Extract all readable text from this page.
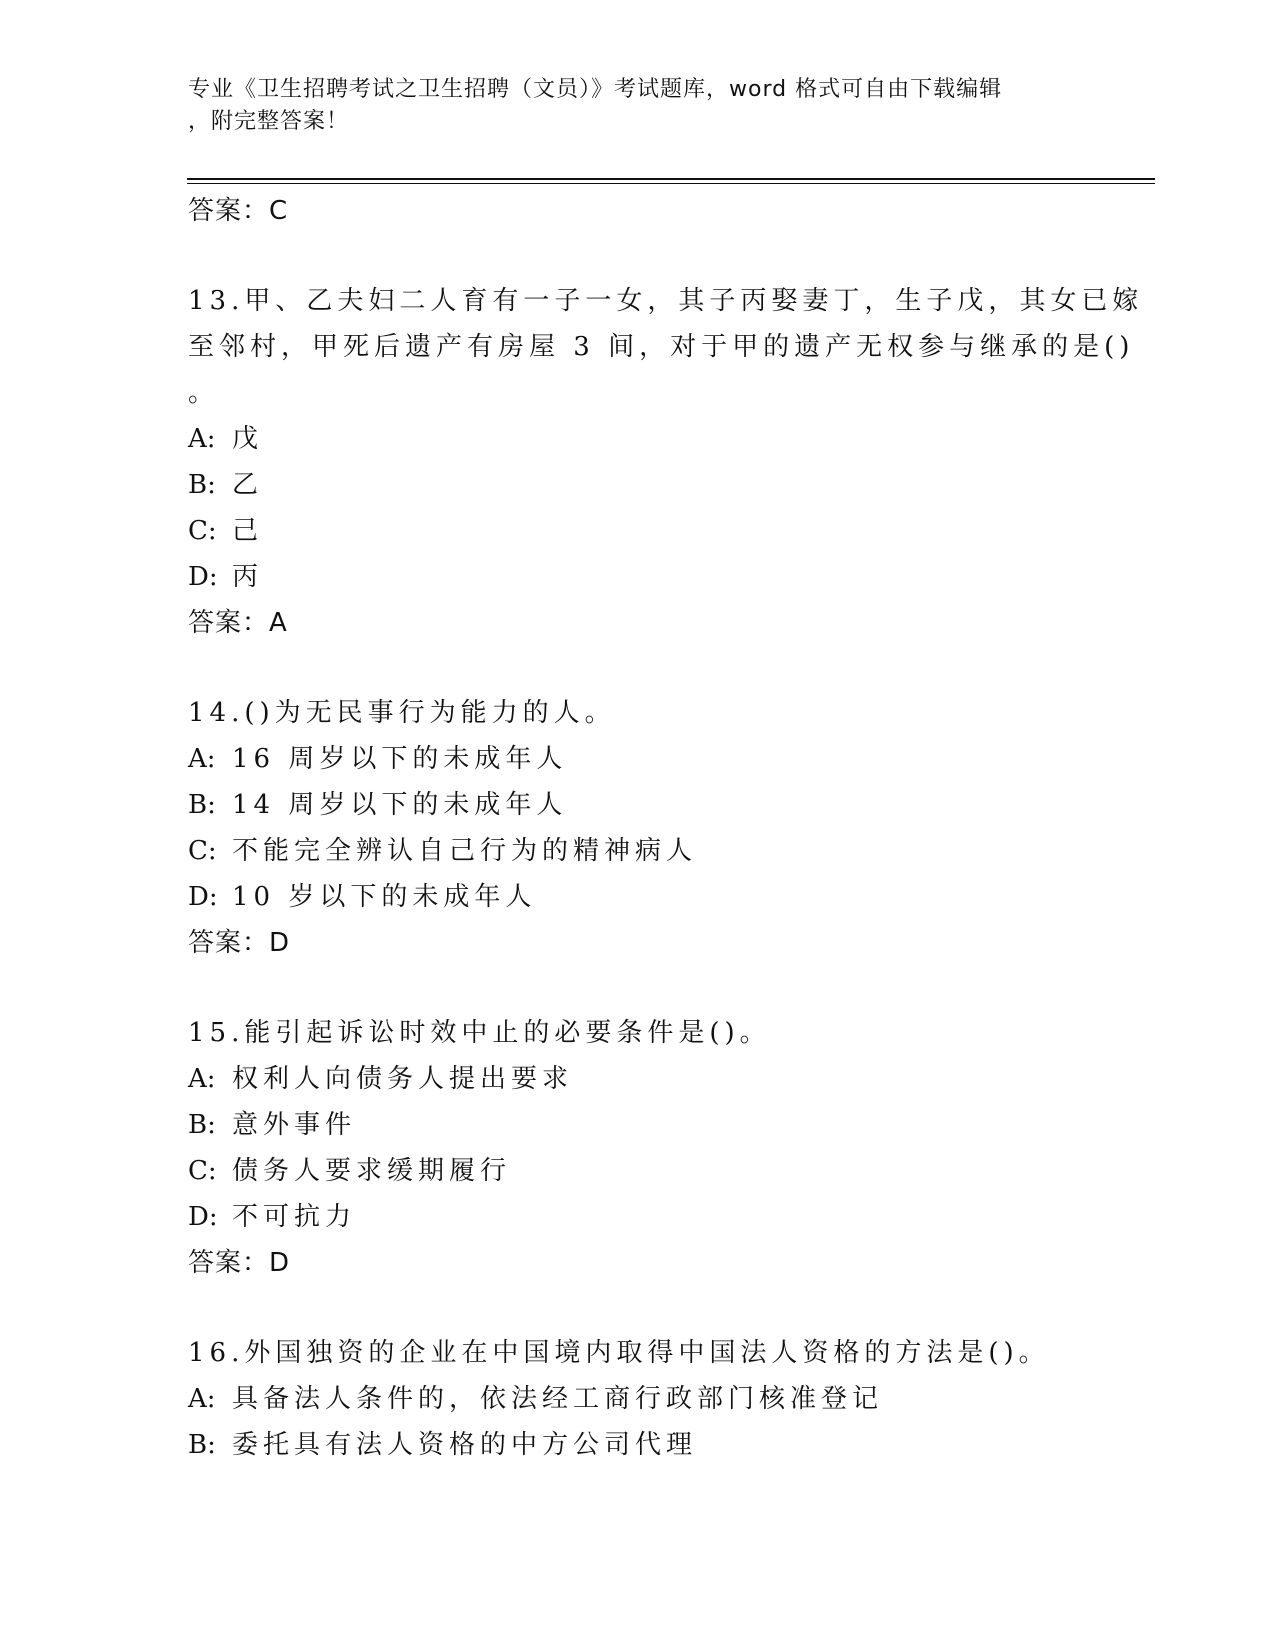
专业《卫生招聘考试之卫生招聘（文员）》考试题库，word 格式可自由下载编辑
，附完整答案！
答案：C
13.甲、乙夫妇二人育有一子一女，其子丙娶妻丁，生子戊，其女已嫁
至邻村，甲死后遗产有房屋 3 间，对于甲的遗产无权参与继承的是()
。
A: 戊
B: 乙
C: 己
D: 丙
答案：A
14.()为无民事行为能力的人。
A: 16 周岁以下的未成年人
B: 14 周岁以下的未成年人
C: 不能完全辨认自己行为的精神病人
D: 10 岁以下的未成年人
答案：D
15.能引起诉讼时效中止的必要条件是()。
A: 权利人向债务人提出要求
B: 意外事件
C: 债务人要求缓期履行
D: 不可抗力
答案：D
16.外国独资的企业在中国境内取得中国法人资格的方法是()。
A: 具备法人条件的，依法经工商行政部门核准登记
B: 委托具有法人资格的中方公司代理
